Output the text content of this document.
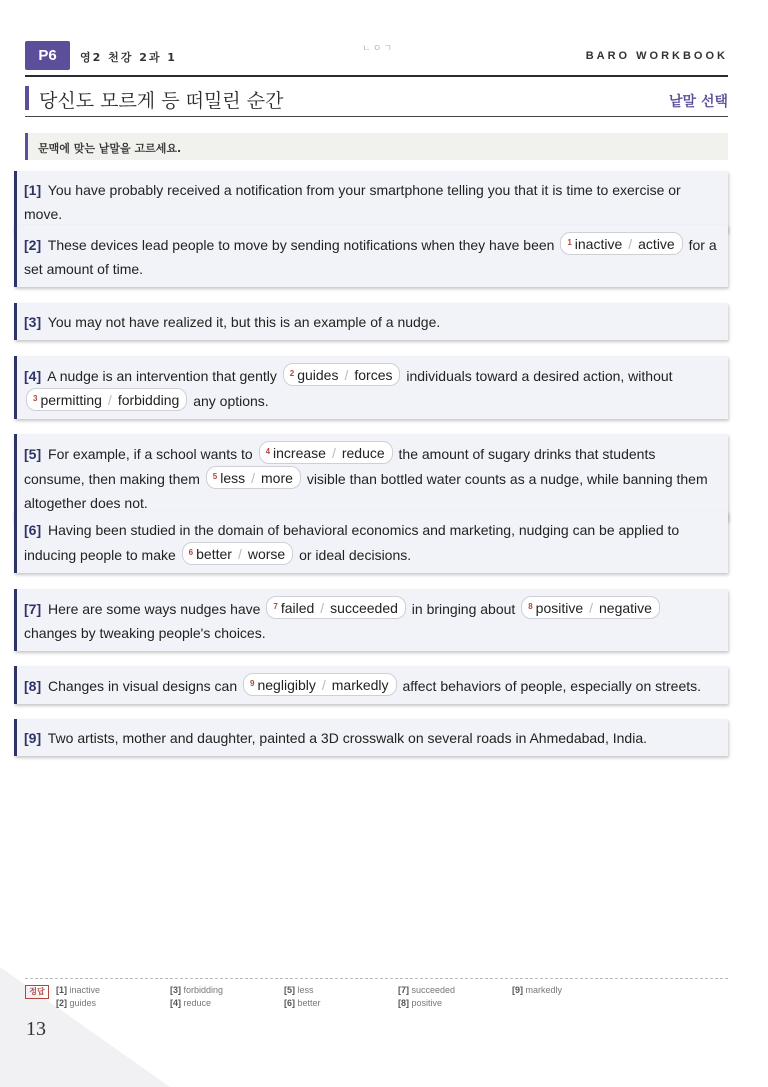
P6	영2 천강 2과 1
ㄴㅇㄱ
BARO WORKBOOK
당신도 모르게 등 떠밀린 순간	낱말 선택
문맥에 맞는 낱말을 고르세요.
[1] You have probably received a notification from your smartphone telling you that it is time to exercise or move.
[2] These devices lead people to move by sending notifications when they have been $^1$ inactive / active for a set amount of time.
[3] You may not have realized it, but this is an example of a nudge.
[4] A nudge is an intervention that gently $^2$ guides / forces individuals toward a desired action, without $^3$ permitting / forbidding any options.
[5] For example, if a school wants to $^4$ increase / reduce the amount of sugary drinks that students consume, then making them $^5$ less / more visible than bottled water counts as a nudge, while banning them altogether does not.
[6] Having been studied in the domain of behavioral economics and marketing, nudging can be applied to inducing people to make $^6$ better / worse or ideal decisions.
[7] Here are some ways nudges have $^7$ failed / succeeded in bringing about $^8$ positive / negative changes by tweaking people's choices.
[8] Changes in visual designs can $^9$ negligibly / markedly affect behaviors of people, especially on streets.
[9] Two artists, mother and daughter, painted a 3D crosswalk on several roads in Ahmedabad, India.
정답	[1] inactive
[2] guides
[3] forbidding
[4] reduce
[5] less
[6] better
[7] succeeded
[8] positive
[9] markedly
13
